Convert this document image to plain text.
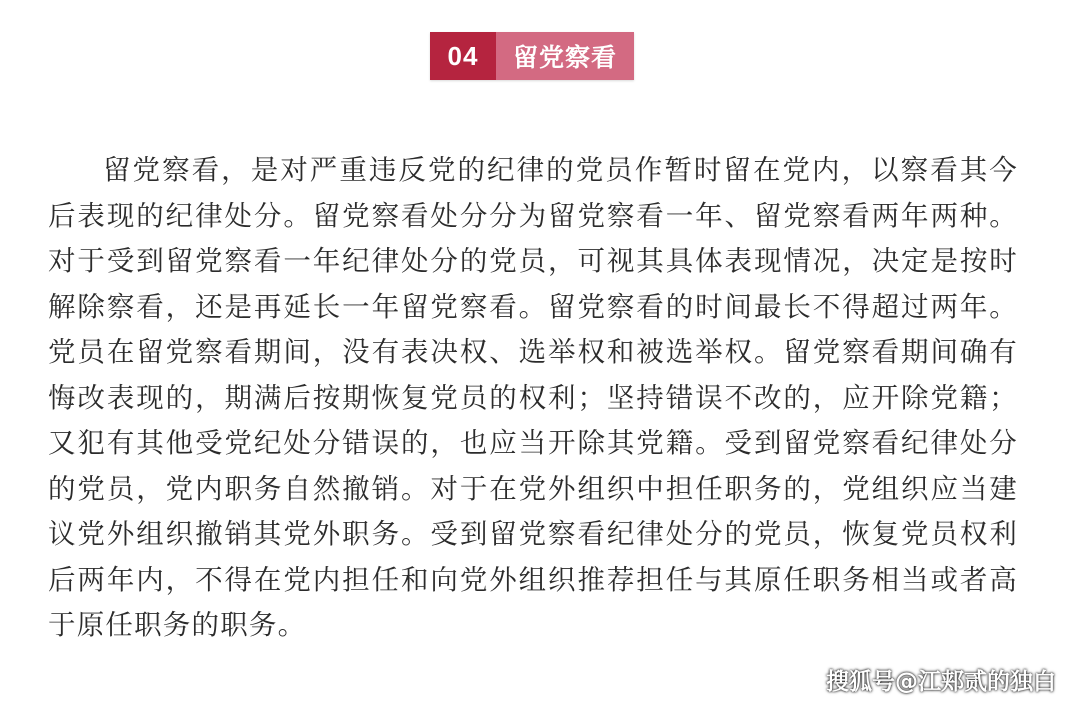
04	留党察看

留党察看，是对严重违反党的纪律的党员作暂时留在党内，以察看其今后表现的纪律处分。留党察看处分分为留党察看一年、留党察看两年两种。对于受到留党察看一年纪律处分的党员，可视其具体表现情况，决定是按时解除察看，还是再延长一年留党察看。留党察看的时间最长不得超过两年。党员在留党察看期间，没有表决权、选举权和被选举权。留党察看期间确有悔改表现的，期满后按期恢复党员的权利；坚持错误不改的，应开除党籍；又犯有其他受党纪处分错误的，也应当开除其党籍。受到留党察看纪律处分的党员，党内职务自然撤销。对于在党外组织中担任职务的，党组织应当建议党外组织撤销其党外职务。受到留党察看纪律处分的党员，恢复党员权利后两年内，不得在党内担任和向党外组织推荐担任与其原任职务相当或者高于原任职务的职务。

搜狐号@江郏贰的独白
